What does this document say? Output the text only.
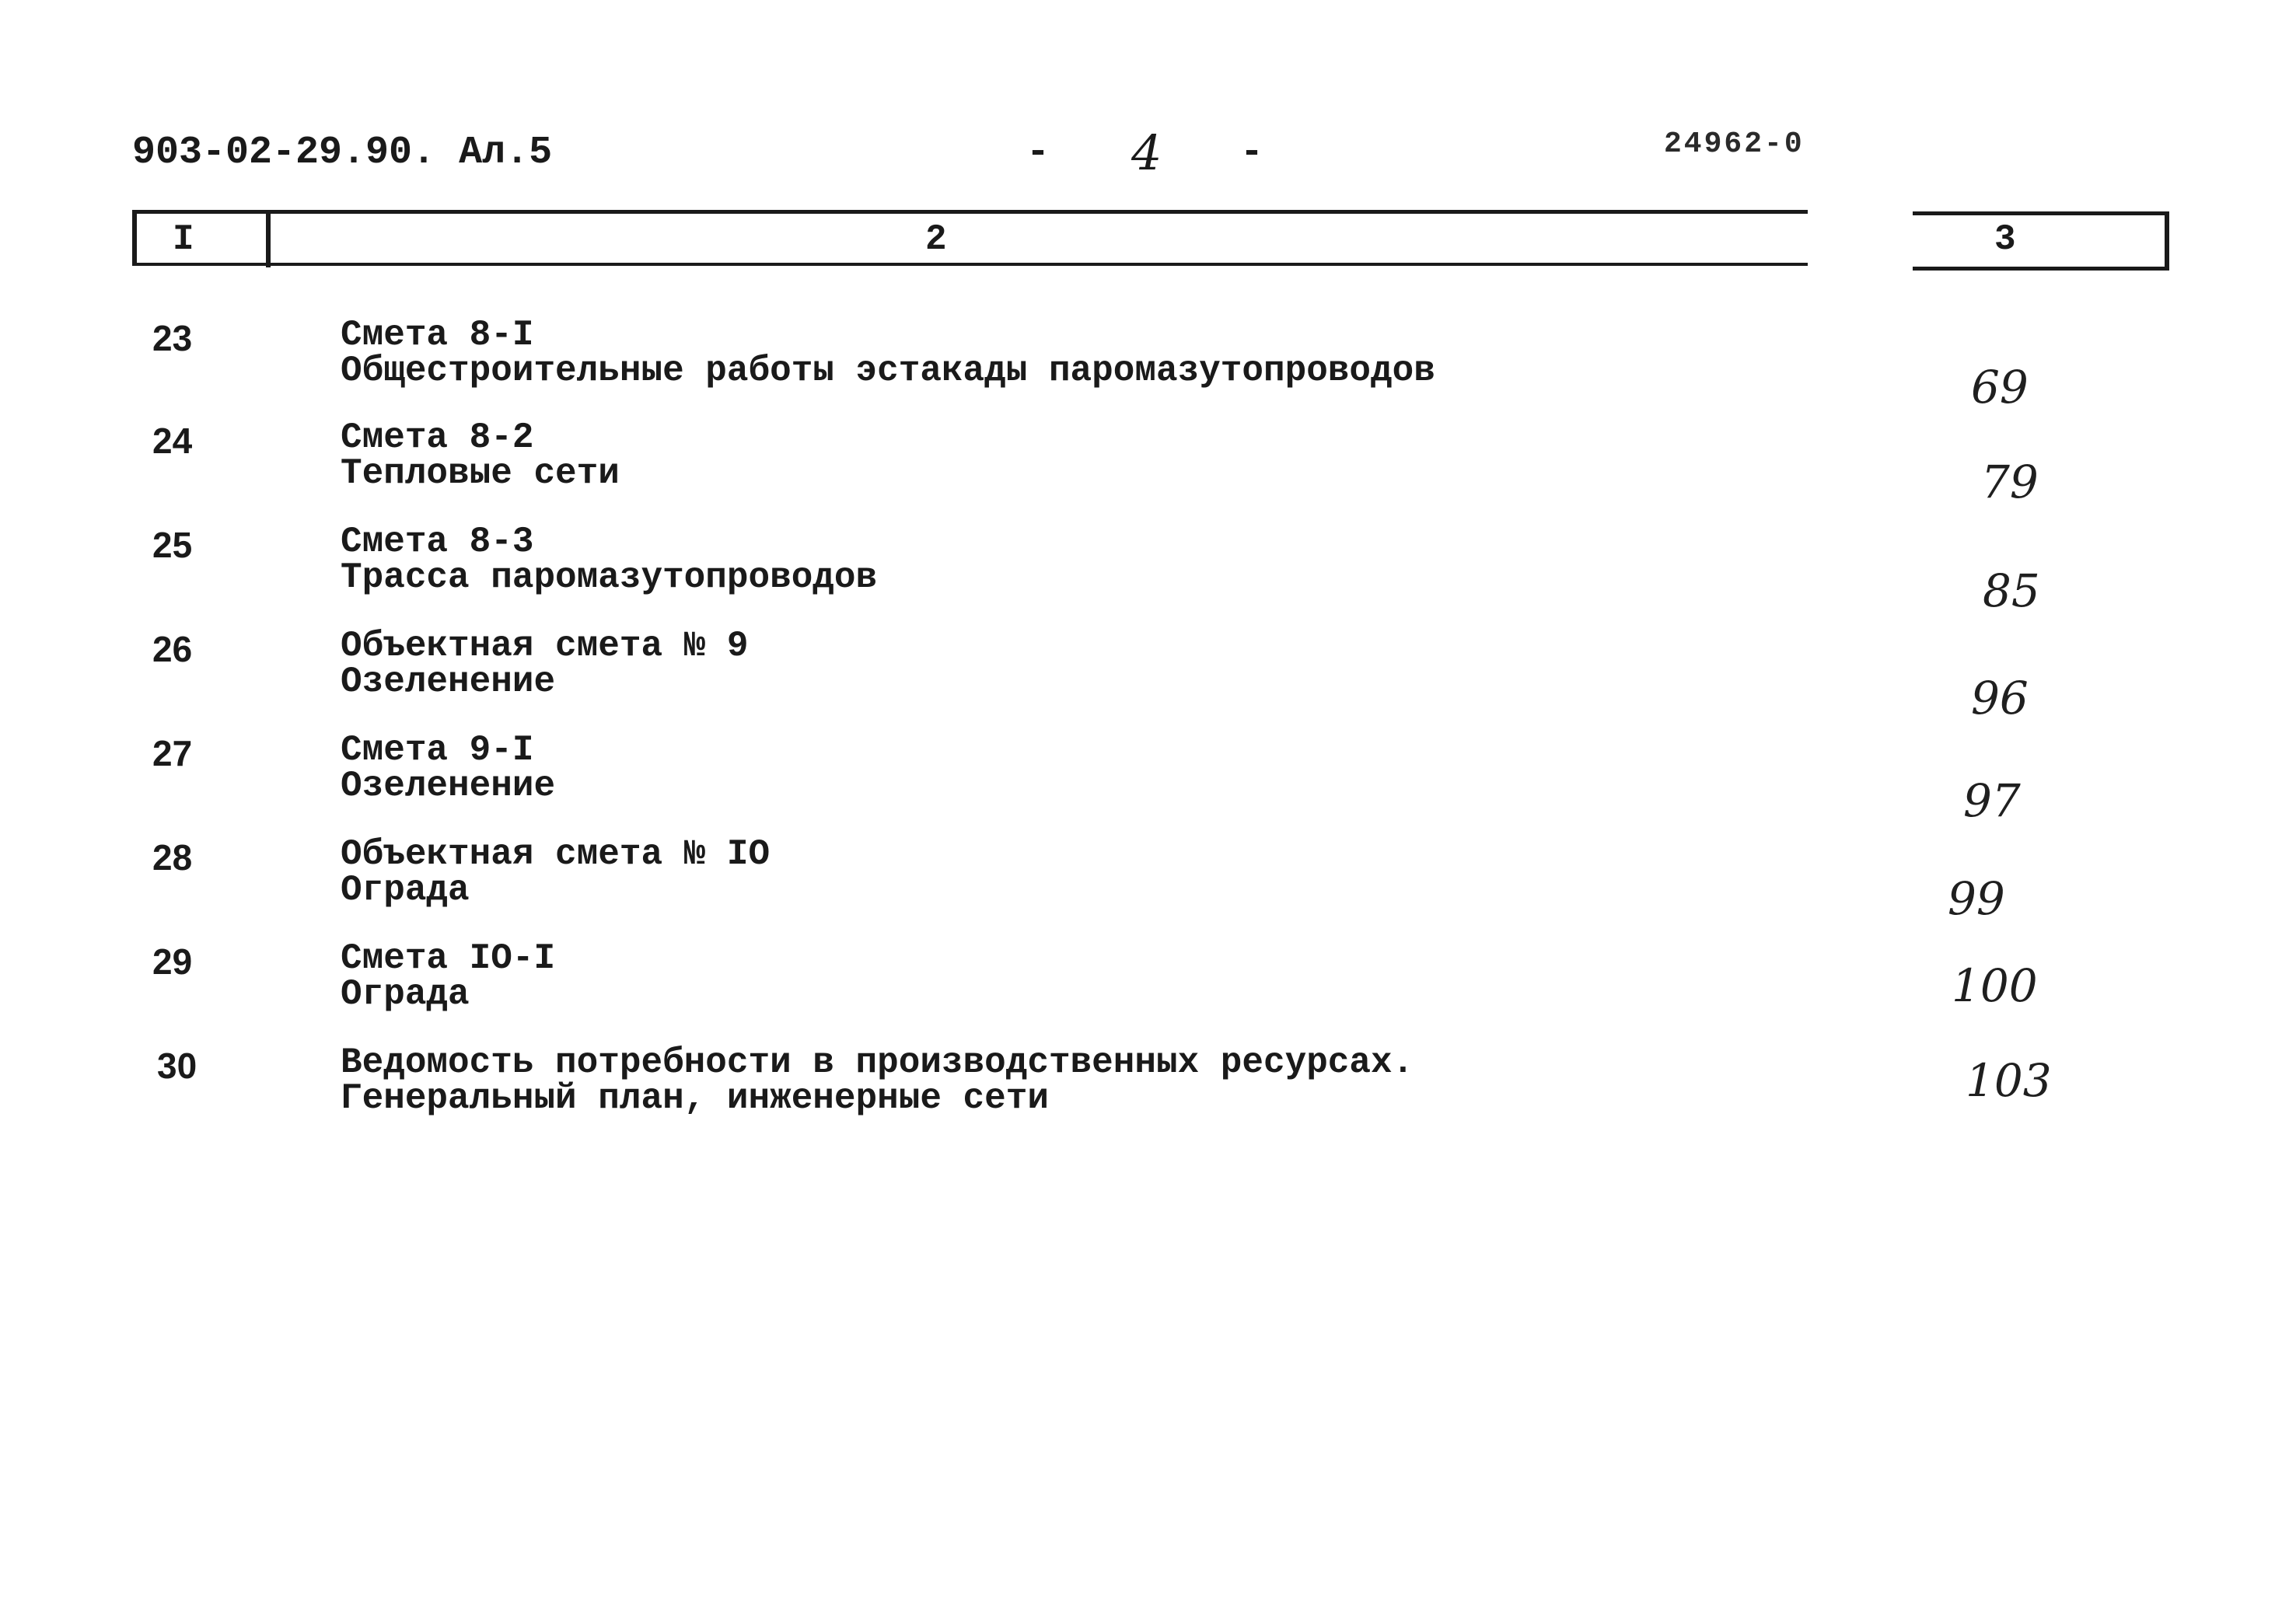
903-02-29.90. Ал.5	- 4 -	24962-0
I	2	3
23	Смета 8-I
Общестроительные работы эстакады паромазутопроводов	69
24	Смета 8-2
Тепловые сети	79
25	Смета 8-3
Трасса паромазутопроводов	85
26	Объектная смета № 9
Озеленение	96
27	Смета 9-I
Озеленение	97
28	Объектная смета № IO
Ограда	99
29	Смета IO-I
Ограда	100
30	Ведомость потребности в производственных ресурсах.
Генеральный план, инженерные сети	103
